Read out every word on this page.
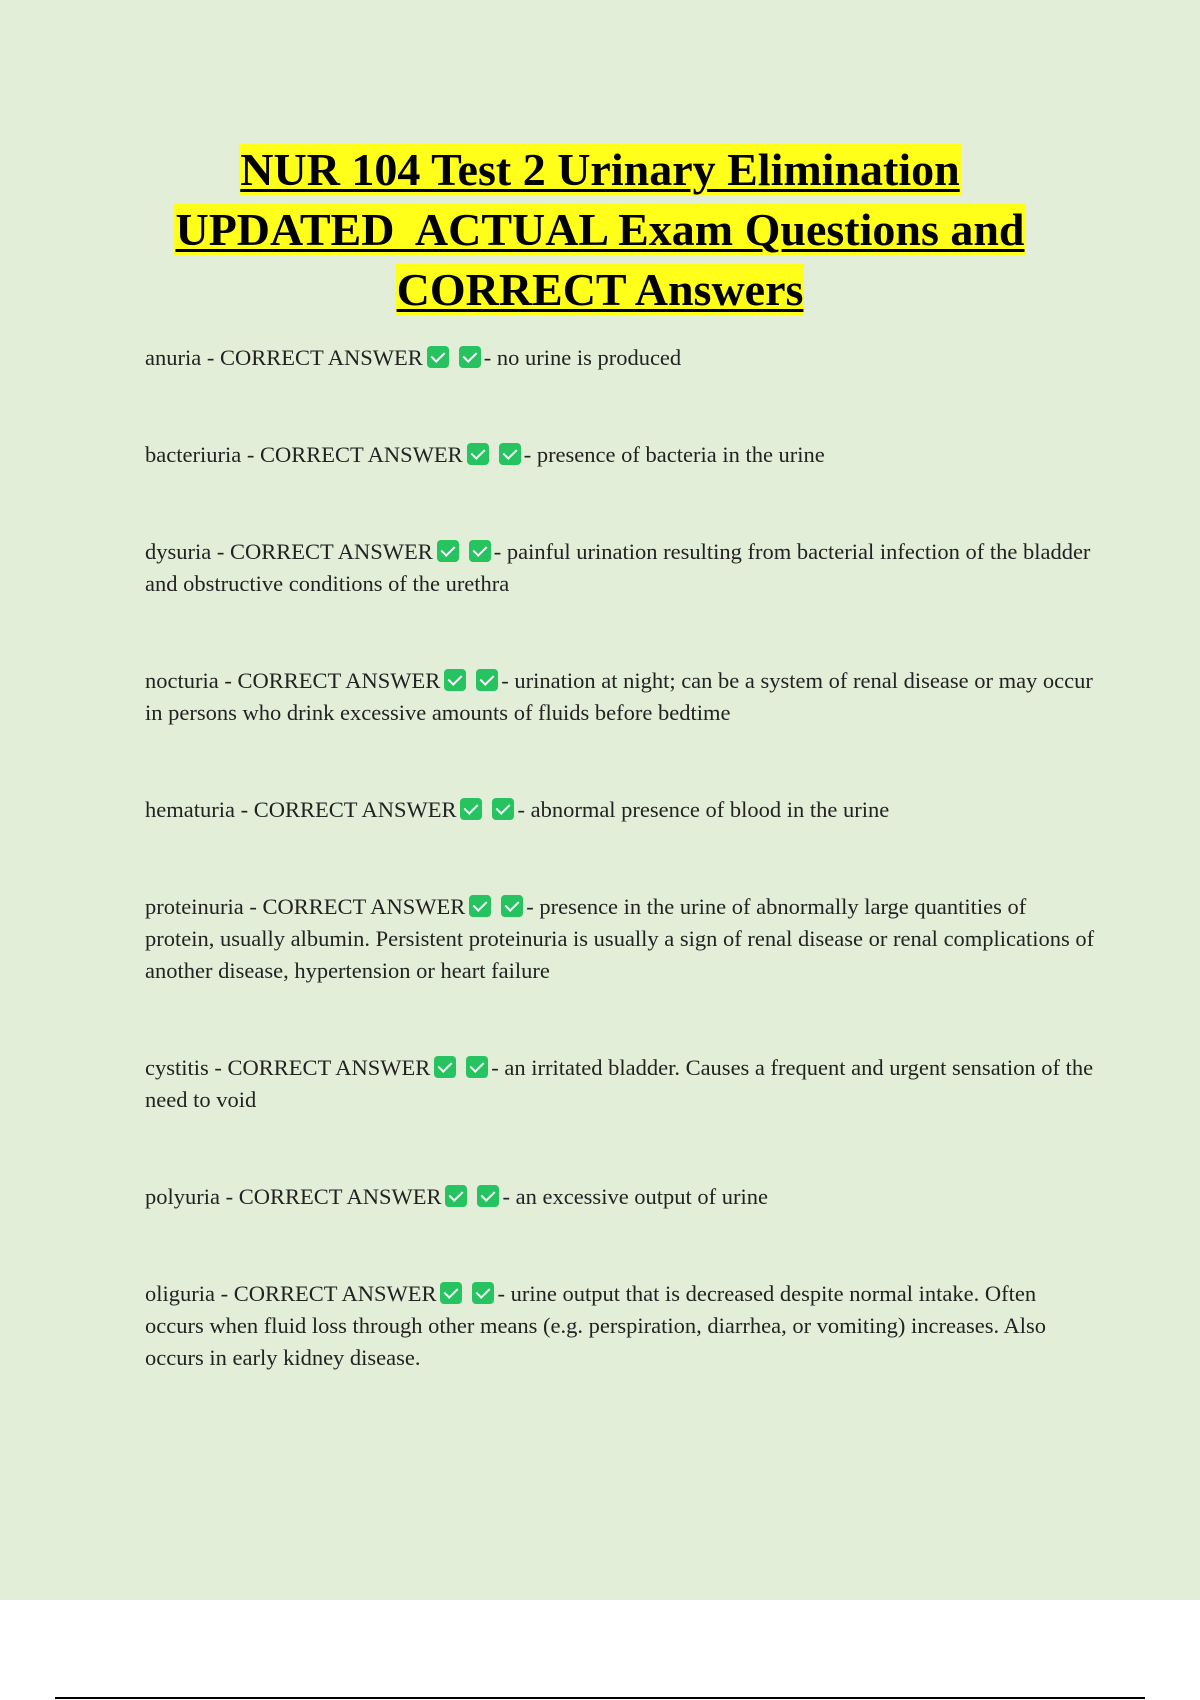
NUR 104 Test 2 Urinary Elimination
UPDATED  ACTUAL Exam Questions and
CORRECT Answers
anuria - CORRECT ANSWER	- no urine is produced
bacteriuria - CORRECT ANSWER	- presence of bacteria in the urine
dysuria - CORRECT ANSWER	- painful urination resulting from bacterial infection of the bladder and obstructive conditions of the urethra
nocturia - CORRECT ANSWER	- urination at night; can be a system of renal disease or may occur in persons who drink excessive amounts of fluids before bedtime
hematuria - CORRECT ANSWER	- abnormal presence of blood in the urine
proteinuria - CORRECT ANSWER	- presence in the urine of abnormally large quantities of protein, usually albumin. Persistent proteinuria is usually a sign of renal disease or renal complications of another disease, hypertension or heart failure
cystitis - CORRECT ANSWER	- an irritated bladder. Causes a frequent and urgent sensation of the need to void
polyuria - CORRECT ANSWER	- an excessive output of urine
oliguria - CORRECT ANSWER	- urine output that is decreased despite normal intake. Often occurs when fluid loss through other means (e.g. perspiration, diarrhea, or vomiting) increases. Also occurs in early kidney disease.
